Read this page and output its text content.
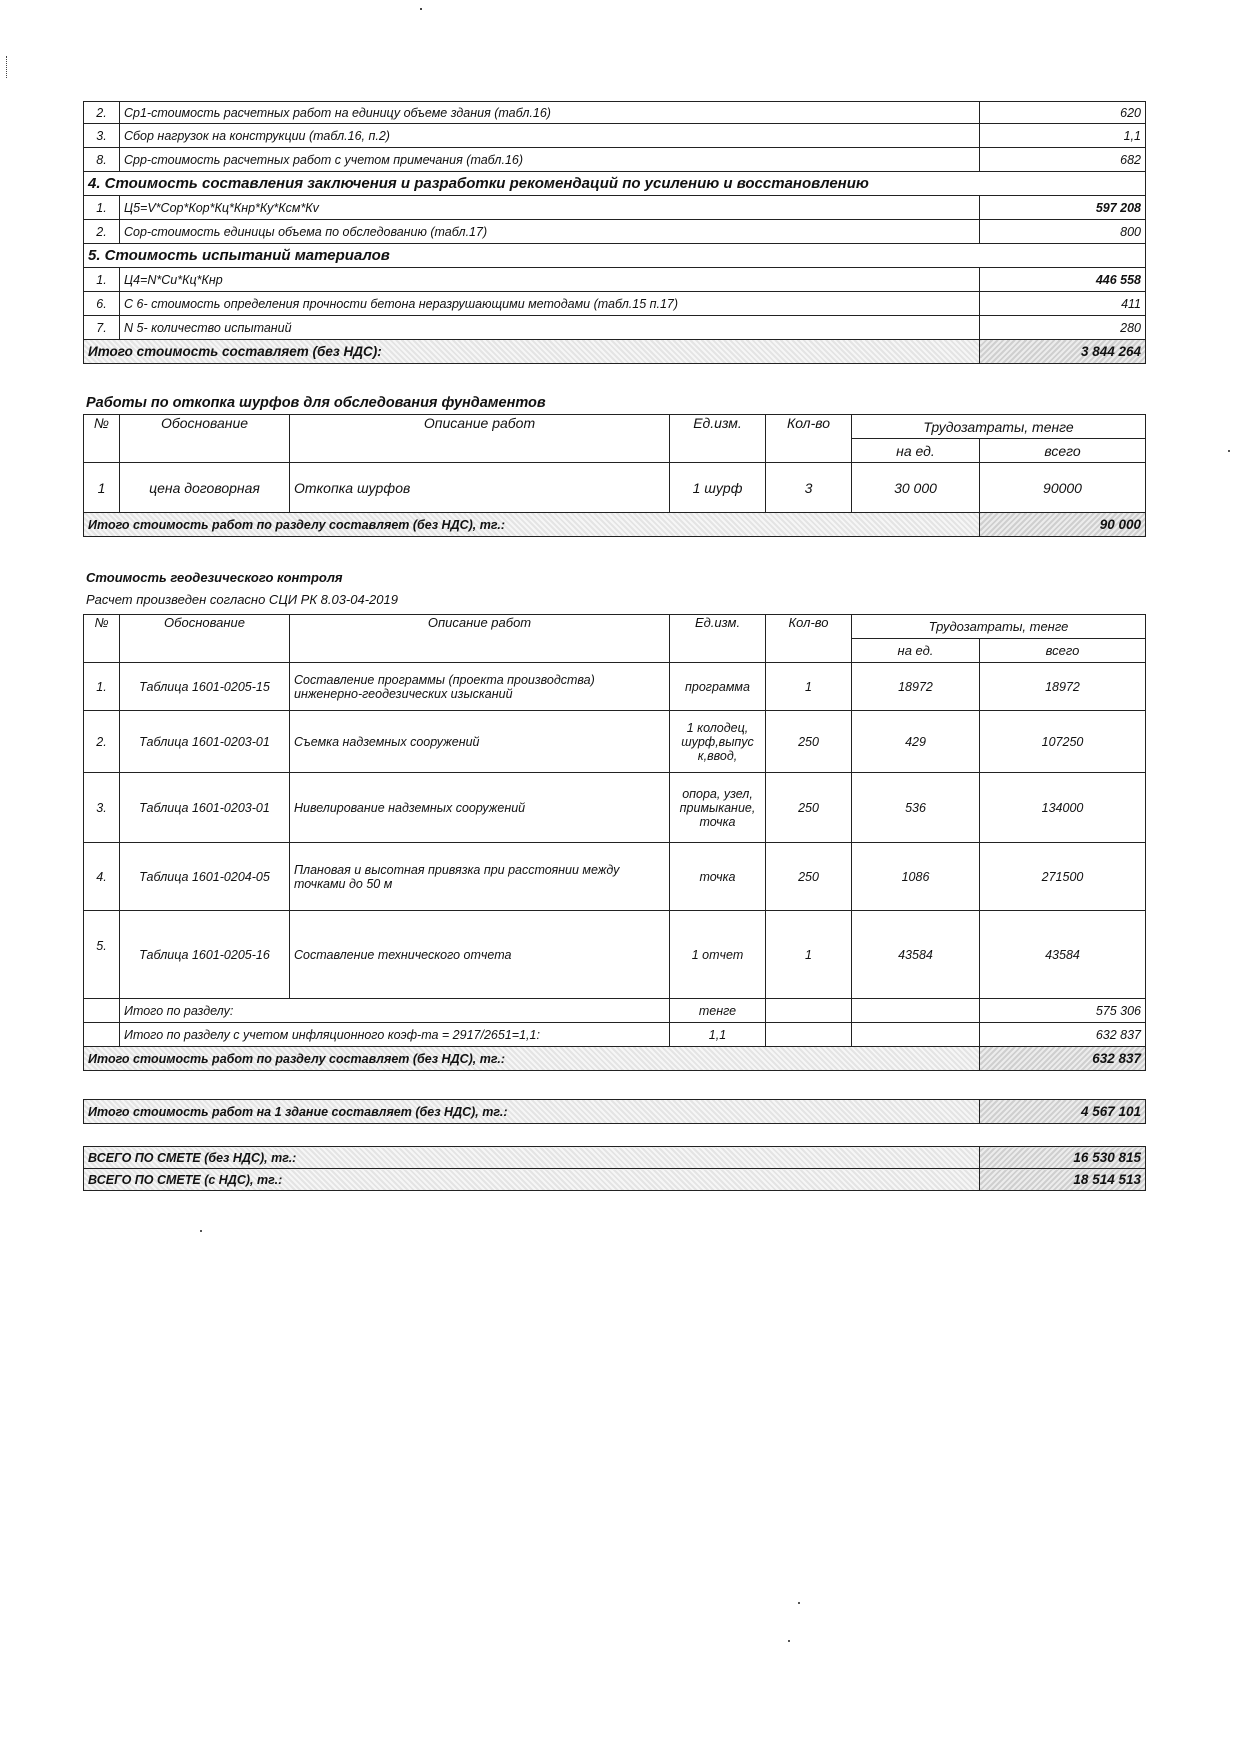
2.	Ср1-стоимость расчетных работ на единицу объеме здания (табл.16)	620
3.	Сбор нагрузок на конструкции (табл.16, п.2)	1,1
8.	Срр-стоимость расчетных работ с учетом примечания (табл.16)	682
4. Стоимость составления заключения и разработки рекомендаций по усилению и восстановлению		
1.	Ц5=V*Сор*Кор*Кц*Кнр*Ку*Ксм*Кv	597 208
2.	Сор-стоимость единицы объема по обследованию (табл.17)	800
5. Стоимость испытаний материалов		
1.	Ц4=N*Си*Кц*Кнр	446 558
6.	С 6- стоимость определения прочности бетона неразрушающими методами (табл.15 п.17)	411
7.	N 5- количество испытаний	280
Итого стоимость составляет (без НДС):		3 844 264
Работы по откопка шурфов для обследования фундаментов
№	Обоснование	Описание работ	Ед.изм.	Кол-во	Трудозатраты, тенге	
					на ед.	всего
1	цена договорная	Откопка шурфов	1 шурф	3	30 000	90000
Итого стоимость работ по разделу составляет (без НДС), тг.:						90 000
Стоимость геодезического контроля
Расчет произведен согласно СЦИ РК 8.03-04-2019
№	Обоснование	Описание работ	Ед.изм.	Кол-во	Трудозатраты, тенге	
					на ед.	всего
1.	Таблица 1601-0205-15	Составление программы (проекта производства) инженерно-геодезических изысканий	программа	1	18972	18972
2.	Таблица 1601-0203-01	Съемка надземных сооружений	1 колодец, шурф,выпус к,ввод,	250	429	107250
3.	Таблица 1601-0203-01	Нивелирование надземных сооружений	опора, узел, примыкание, точка	250	536	134000
4.	Таблица 1601-0204-05	Плановая и высотная привязка при расстоянии между точками до 50 м	точка	250	1086	271500
5.	Таблица 1601-0205-16	Составление технического отчета	1 отчет	1	43584	43584
	Итого по разделу:		тенге			575 306
	Итого по разделу с учетом инфляционного коэф-та = 2917/2651=1,1:		1,1			632 837
Итого стоимость работ по разделу составляет (без НДС), тг.:						632 837
Итого стоимость работ на 1 здание составляет (без НДС), тг.:	4 567 101
ВСЕГО ПО СМЕТЕ (без НДС), тг.:	16 530 815
ВСЕГО ПО СМЕТЕ (с НДС), тг.:	18 514 513
